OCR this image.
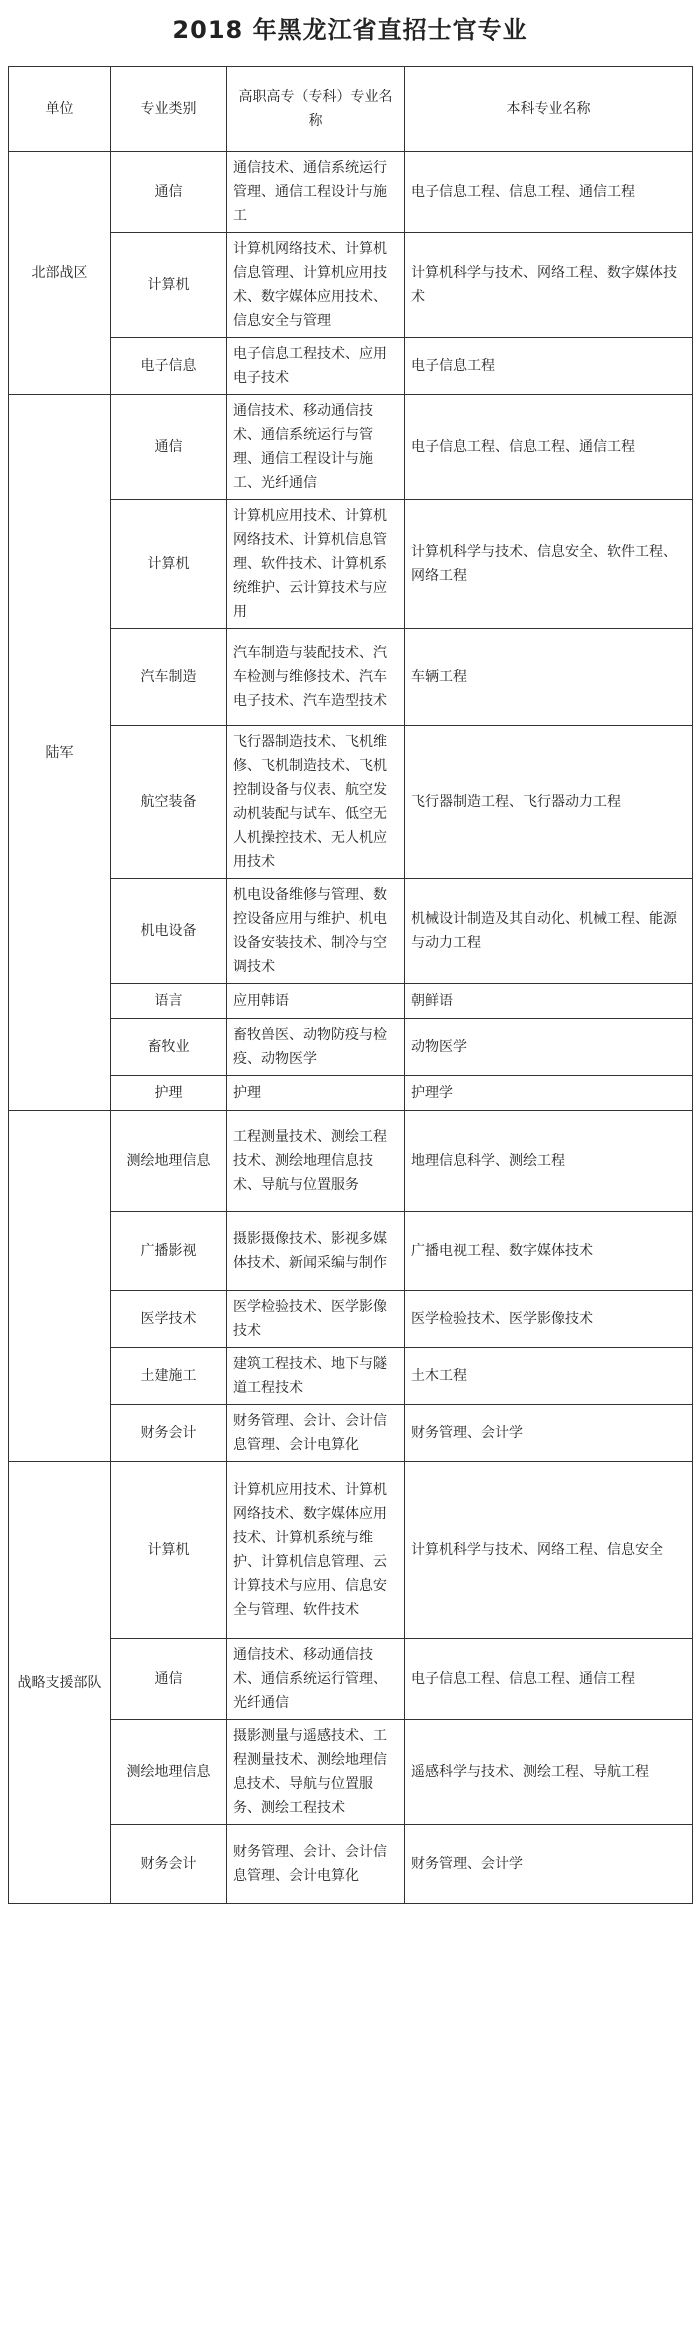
2018 年黑龙江省直招士官专业
单位	专业类别	高职高专（专科）专业名称	本科专业名称
北部战区	通信	通信技术、通信系统运行管理、通信工程设计与施工	电子信息工程、信息工程、通信工程
	计算机	计算机网络技术、计算机信息管理、计算机应用技术、数字媒体应用技术、信息安全与管理	计算机科学与技术、网络工程、数字媒体技术
	电子信息	电子信息工程技术、应用电子技术	电子信息工程
陆军	通信	通信技术、移动通信技术、通信系统运行与管理、通信工程设计与施工、光纤通信	电子信息工程、信息工程、通信工程
	计算机	计算机应用技术、计算机网络技术、计算机信息管理、软件技术、计算机系统维护、云计算技术与应用	计算机科学与技术、信息安全、软件工程、网络工程
	汽车制造	汽车制造与装配技术、汽车检测与维修技术、汽车电子技术、汽车造型技术	车辆工程
	航空装备	飞行器制造技术、飞机维修、飞机制造技术、飞机控制设备与仪表、航空发动机装配与试车、低空无人机操控技术、无人机应用技术	飞行器制造工程、飞行器动力工程
	机电设备	机电设备维修与管理、数控设备应用与维护、机电设备安装技术、制冷与空调技术	机械设计制造及其自动化、机械工程、能源与动力工程
	语言	应用韩语	朝鲜语
	畜牧业	畜牧兽医、动物防疫与检疫、动物医学	动物医学
	护理	护理	护理学
	测绘地理信息	工程测量技术、测绘工程技术、测绘地理信息技术、导航与位置服务	地理信息科学、测绘工程
	广播影视	摄影摄像技术、影视多媒体技术、新闻采编与制作	广播电视工程、数字媒体技术
	医学技术	医学检验技术、医学影像技术	医学检验技术、医学影像技术
	土建施工	建筑工程技术、地下与隧道工程技术	土木工程
	财务会计	财务管理、会计、会计信息管理、会计电算化	财务管理、会计学
战略支援部队	计算机	计算机应用技术、计算机网络技术、数字媒体应用技术、计算机系统与维护、计算机信息管理、云计算技术与应用、信息安全与管理、软件技术	计算机科学与技术、网络工程、信息安全
	通信	通信技术、移动通信技术、通信系统运行管理、光纤通信	电子信息工程、信息工程、通信工程
	测绘地理信息	摄影测量与遥感技术、工程测量技术、测绘地理信息技术、导航与位置服务、测绘工程技术	遥感科学与技术、测绘工程、导航工程
	财务会计	财务管理、会计、会计信息管理、会计电算化	财务管理、会计学
